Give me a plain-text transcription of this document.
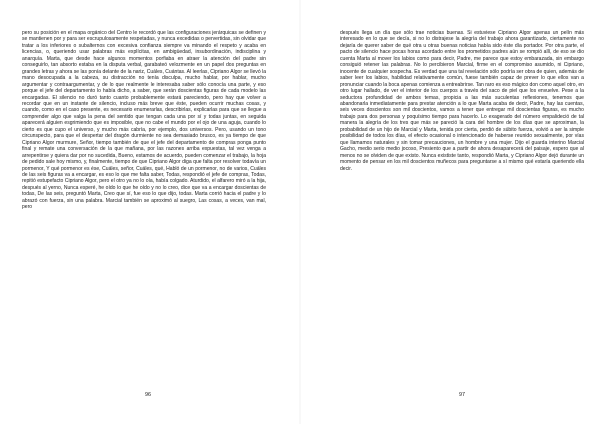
pero su posición en el mapa orgánico del Centro le recordó que las configuraciones jerárquicas se definen y se mantienen por y para ser escrupulosamente respetadas, y nunca excedidas o pervertidas, sin olvidar que tratar a los inferiores o subalternos con excesiva confianza siempre va minando el respeto y acaba en licencias, o, queriendo usar palabras más explícitas, en ambigüedad, insubordinación, indisciplina y anarquía. Marta, que desde hace algunos momentos porfiaba en atraer la atención del padre sin conseguirlo, tan absorto estaba en la disputa verbal, garabateó velozmente en un papel dos preguntas en grandes letras y ahora se las ponía delante de la nariz, Cuáles, Cuántas. Al leerlas, Cipriano Algor se llevó la mano desocupada a la cabeza, su distracción no tenía disculpa, mucho hablar, por hablar, mucho argumentar y contraargumentar, y de lo que realmente le interesaba saber sólo conocía una parte, y eso porque el jefe del departamento lo había dicho, a saber, que serán doscientas figuras de cada modelo las encargadas. El silencio no duró tanto cuanto probablemente estará pareciendo, pero hay que volver a recordar que en un instante de silencio, incluso más breve que éste, pueden ocurrir muchas cosas, y cuando, como en el caso presente, es necesario enumerarlas, describirlas, explicarlas para que se llegue a comprender algo que valga la pena del sentido que tengan cada una por sí y todas juntas, en seguida aparecerá alguien esgrimiendo que es imposible, que no cabe el mundo por el ojo de una aguja, cuando lo cierto es que cupo el universo, y mucho más cabría, por ejemplo, dos universos. Pero, usando un tono circunspecto, para que el despertar del dragón durmiente no sea demasiado brusco, es ya tiempo de que Cipriano Algor murmure, Señor, tiempo también de que el jefe del departamento de compras ponga punto final y remate una conversación de la que mañana, por las razones arriba expuestas, tal vez venga a arrepentirse y quiera dar por no sucedida, Bueno, estamos de acuerdo, pueden comenzar el trabajo, la hoja de pedido sale hoy mismo, y, finalmente, tiempo de que Cipriano Algor diga que falta por resolver todavía un pormenor, Y qué pormenor es ése, Cuáles, señor, Cuáles, qué, Habló de un pormenor, no de varios, Cuáles de las seis figuras va a encargar, es eso lo que me falta saber, Todas, respondió el jefe de compras, Todas, repitió estupefacto Cipriano Algor, pero el otro ya no lo oía, había colgado. Aturdido, el alfarero miró a la hija, después al yerno, Nunca esperé, he oído lo que he oído y no lo creo, dice que va a encargar doscientas de todas, De las seis, preguntó Marta, Creo que sí, fue eso lo que dijo, todas. Marta corrió hacia el padre y lo abrazó con fuerza, sin una palabra. Marcial también se aproximó al suegro, Las cosas, a veces, van mal, pero
96
después llega un día que sólo trae noticias buenas. Si estuviese Cipriano Algor apenas un pelín más interesado en lo que se decía, si no lo distrajese la alegría del trabajo ahora garantizado, ciertamente no dejaría de querer saber de qué otra u otras buenas noticias había sido éste día portador. Por otra parte, el pacto de silencio hace pocas horas acordado entre los prometidos padres aún se rompió allí, de eso se dio cuenta Marta al mover los labios como para decir, Padre, me parece que estoy embarazada, sin embargo consiguió retener las palabras. No lo percibieron Marcial, firme en el compromiso asumido, ni Cipriano, inocente de cualquier sospecha. Es verdad que una tal revelación sólo podría ser obra de quien, además de saber leer los labios, habilidad relativamente común, fuese también capaz de prever lo que ellos van a pronunciar cuando la boca apenas comienza a entreabrirse. Tan raro es eso mágico don como aquel otro, en otro lugar hallado, de ver el interior de los cuerpos a través del saco de piel que los envuelve. Pese a la seductora profundidad de ambos temas, propicia a las más suculentas reflexiones, tenemos que abandonarla inmediatamente para prestar atención a lo que Marta acaba de decir, Padre, hay las cuentas, seis veces doscientos son mil doscientos, vamos a tener que entregar mil doscientas figuras, es mucho trabajo para dos personas y poquísimo tiempo para hacerlo. Lo exagerado del número empalideció de tal manera la alegría de los tres que más se pareció la cara del hombre de los días que se aproximan, la probabilidad de un hijo de Marcial y Marta, tenida por cierta, perdió de súbito fuerza, volvió a ser la simple posibilidad de todos los días, el efecto ocasional o intencionado de haberse reunido sexualmente, por vías que llamamos naturales y sin tomar precauciones, un hombre y una mujer. Dijo el guarda interino Marcial Gacho, medio serio medio jocoso, Presiento que a partir de ahora desaparecerá del paisaje, espero que al menos no se olviden de que existo. Nunca exististe tanto, respondió Marta, y Cipriano Algor dejó durante un momento de pensar en los mil doscientos muñecos para preguntarse a sí mismo qué estaría queriendo ella decir.
97
